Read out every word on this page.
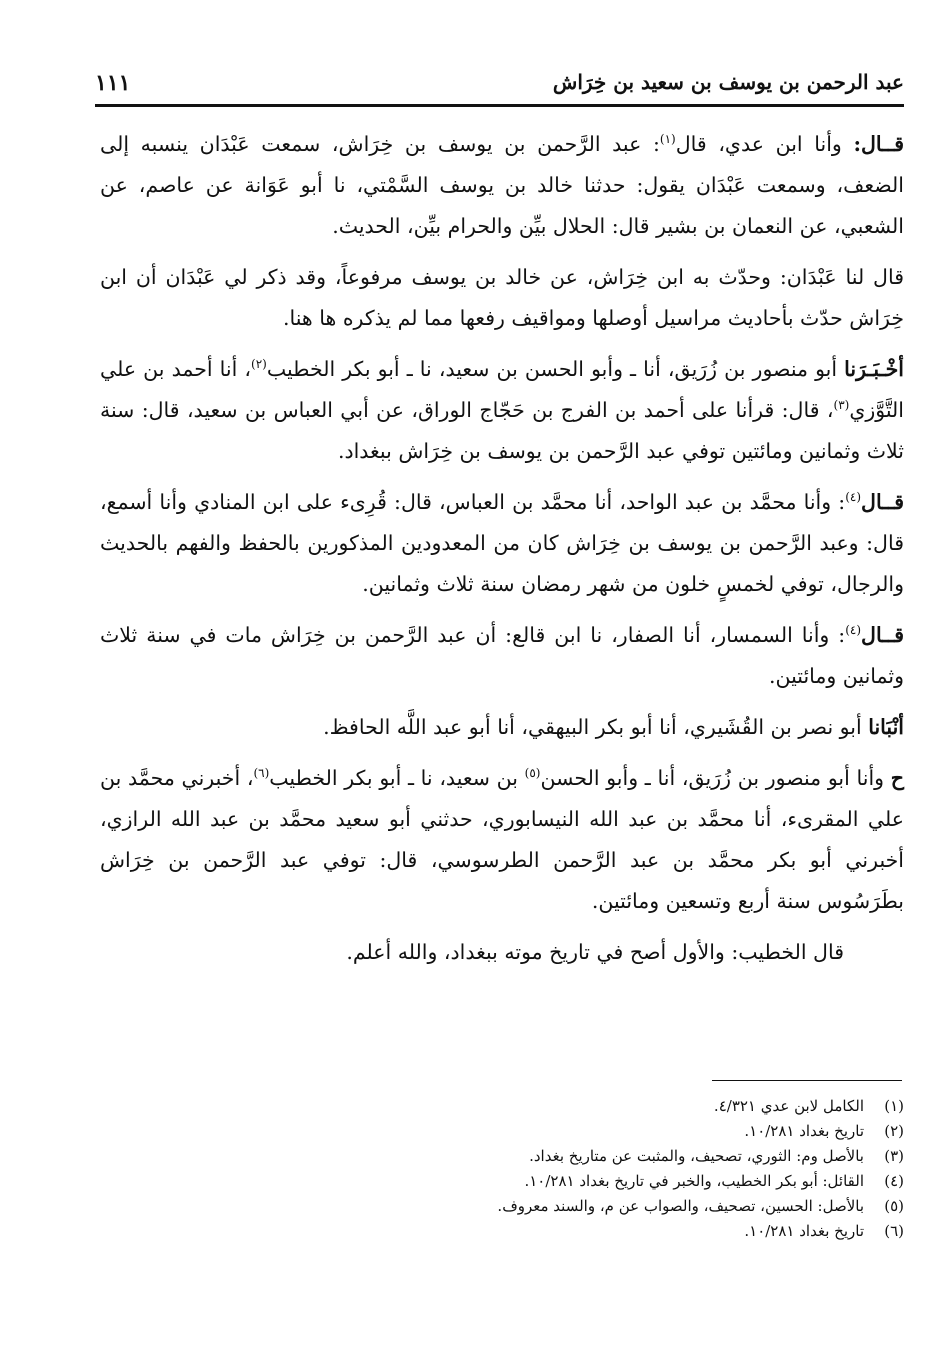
عبد الرحمن بن يوسف بن سعيد بن خِرَاش
١١١

قــال: وأنا ابن عدي، قال$^{(١)}$: عبد الرَّحمن بن يوسف بن خِرَاش، سمعت عَبْدَان ينسبه إلى الضعف، وسمعت عَبْدَان يقول: حدثنا خالد بن يوسف السَّمْتي، نا أبو عَوَانة عن عاصم، عن الشعبي، عن النعمان بن بشير قال: الحلال بيِّن والحرام بيِّن، الحديث.

قال لنا عَبْدَان: وحدّث به ابن خِرَاش، عن خالد بن يوسف مرفوعاً، وقد ذكر لي عَبْدَان أن ابن خِرَاش حدّث بأحاديث مراسيل أوصلها ومواقيف رفعها مما لم يذكره ها هنا.

أخْـبَـرَنا أبو منصور بن زُرَيق، أنا ـ وأبو الحسن بن سعيد، نا ـ أبو بكر الخطيب$^{(٢)}$، أنا أحمد بن علي التَّوَّزي$^{(٣)}$، قال: قرأنا على أحمد بن الفرج بن حَجّاج الوراق، عن أبي العباس بن سعيد، قال: سنة ثلاث وثمانين ومائتين توفي عبد الرَّحمن بن يوسف بن خِرَاش ببغداد.

قــال$^{(٤)}$: وأنا محمَّد بن عبد الواحد، أنا محمَّد بن العباس، قال: قُرِىء على ابن المنادي وأنا أسمع، قال: وعبد الرَّحمن بن يوسف بن خِرَاش كان من المعدودين المذكورين بالحفظ والفهم بالحديث والرجال، توفي لخمسٍ خلون من شهر رمضان سنة ثلاث وثمانين.

قــال$^{(٤)}$: وأنا السمسار، أنا الصفار، نا ابن قالع: أن عبد الرَّحمن بن خِرَاش مات في سنة ثلاث وثمانين ومائتين.

أنْبَانا أبو نصر بن القُشَيري، أنا أبو بكر البيهقي، أنا أبو عبد اللَّه الحافظ.

ح وأنا أبو منصور بن زُرَيق، أنا ـ وأبو الحسن$^{(٥)}$ بن سعيد، نا ـ أبو بكر الخطيب$^{(٦)}$، أخبرني محمَّد بن علي المقرىء، أنا محمَّد بن عبد الله النيسابوري، حدثني أبو سعيد محمَّد بن عبد الله الرازي، أخبرني أبو بكر محمَّد بن عبد الرَّحمن الطرسوسي، قال: توفي عبد الرَّحمن بن خِرَاش بطَرَسُوس سنة أربع وتسعين ومائتين.

قال الخطيب: والأول أصح في تاريخ موته ببغداد، والله أعلم.

(١)الكامل لابن عدي ٤/٣٢١.
(٢)تاريخ بغداد ١٠/٢٨١.
(٣)بالأصل وم: الثوري، تصحيف، والمثبت عن متاريخ بغداد.
(٤)القائل: أبو بكر الخطيب، والخبر في تاريخ بغداد ١٠/٢٨١.
(٥)بالأصل: الحسين، تصحيف، والصواب عن م، والسند معروف.
(٦)تاريخ بغداد ١٠/٢٨١.
